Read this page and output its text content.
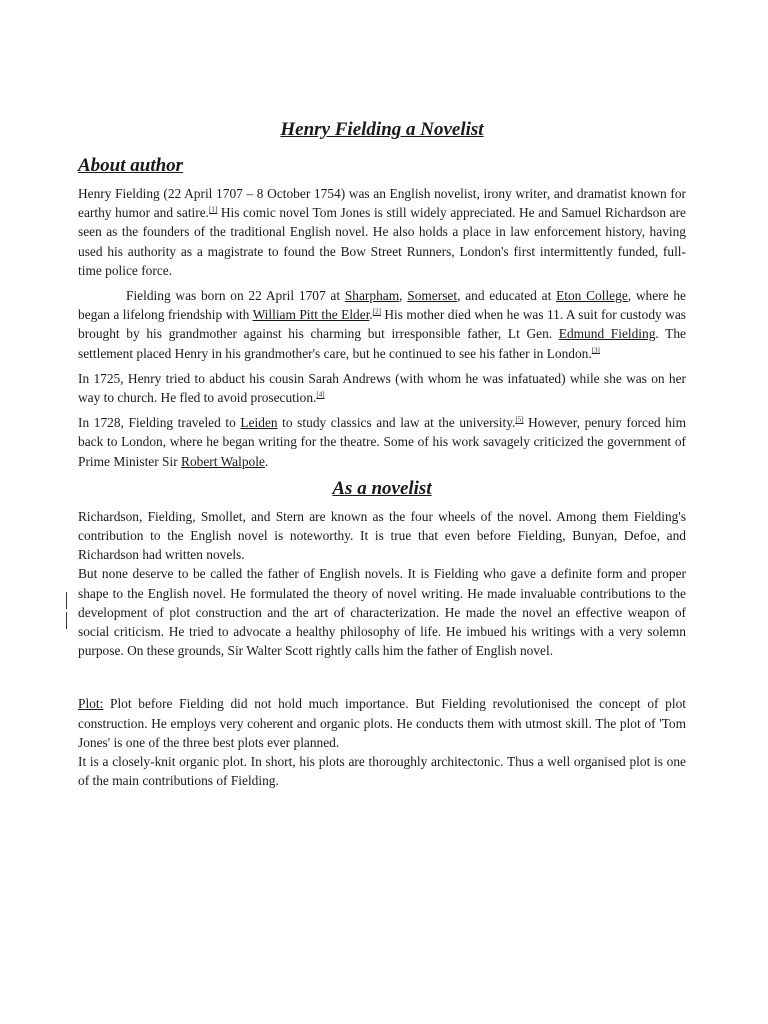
Henry Fielding a Novelist
About author

Henry Fielding (22 April 1707 – 8 October 1754) was an English novelist, irony writer, and dramatist known for earthy humor and satire.[1] His comic novel Tom Jones is still widely appreciated. He and Samuel Richardson are seen as the founders of the traditional English novel. He also holds a place in law enforcement history, having used his authority as a magistrate to found the Bow Street Runners, London's first intermittently funded, full-time police force.

Fielding was born on 22 April 1707 at Sharpham, Somerset, and educated at Eton College, where he began a lifelong friendship with William Pitt the Elder.[2] His mother died when he was 11. A suit for custody was brought by his grandmother against his charming but irresponsible father, Lt Gen. Edmund Fielding. The settlement placed Henry in his grandmother's care, but he continued to see his father in London.[3]

In 1725, Henry tried to abduct his cousin Sarah Andrews (with whom he was infatuated) while she was on her way to church. He fled to avoid prosecution.[4]

In 1728, Fielding traveled to Leiden to study classics and law at the university.[5] However, penury forced him back to London, where he began writing for the theatre. Some of his work savagely criticized the government of Prime Minister Sir Robert Walpole.

As a novelist

Richardson, Fielding, Smollet, and Stern are known as the four wheels of the novel. Among them Fielding's contribution to the English novel is noteworthy. It is true that even before Fielding, Bunyan, Defoe, and Richardson had written novels.

But none deserve to be called the father of English novels. It is Fielding who gave a definite form and proper shape to the English novel. He formulated the theory of novel writing. He made invaluable contributions to the development of plot construction and the art of characterization. He made the novel an effective weapon of social criticism. He tried to advocate a healthy philosophy of life. He imbued his writings with a very solemn purpose. On these grounds, Sir Walter Scott rightly calls him the father of English novel.

Plot: Plot before Fielding did not hold much importance. But Fielding revolutionised the concept of plot construction. He employs very coherent and organic plots. He conducts them with utmost skill. The plot of 'Tom Jones' is one of the three best plots ever planned.

It is a closely-knit organic plot. In short, his plots are thoroughly architectonic. Thus a well organised plot is one of the main contributions of Fielding.
